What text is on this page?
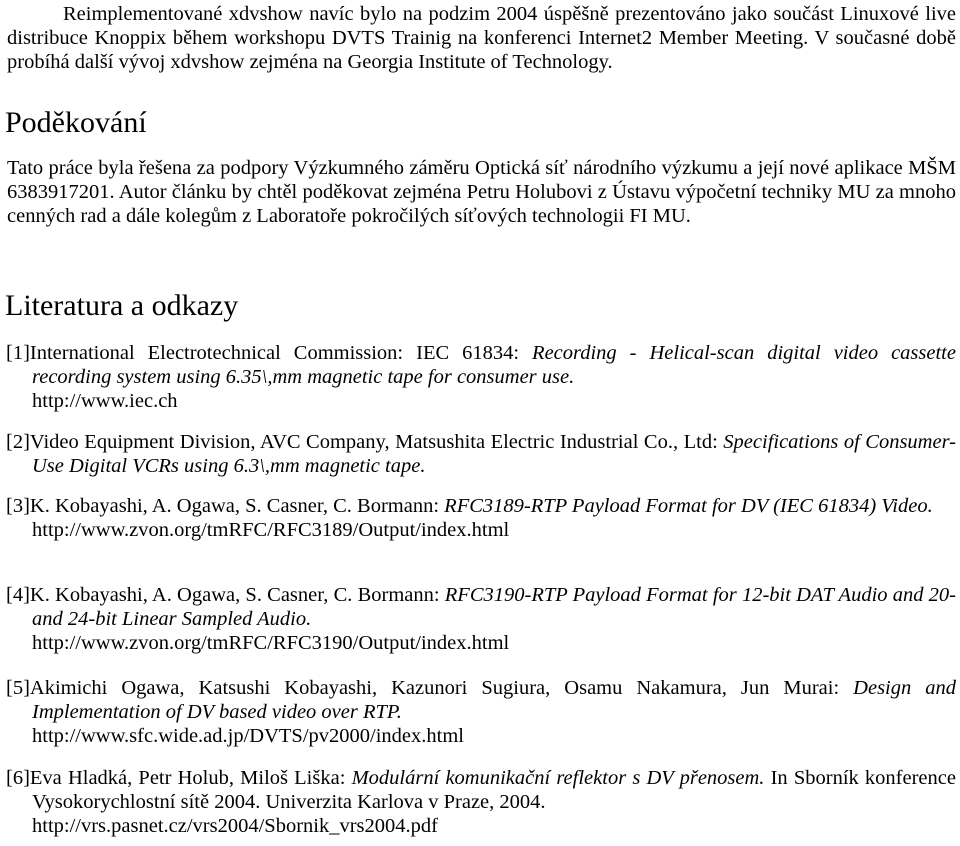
Reimplementované xdvshow navíc bylo na podzim 2004 úspěšně prezentováno jako součást Linuxové live distribuce Knoppix během workshopu DVTS Trainig na konferenci Internet2 Member Meeting. V současné době probíhá další vývoj xdvshow zejména na Georgia Institute of Technology.

Poděkování

Tato práce byla řešena za podpory Výzkumného záměru Optická síť národního výzkumu a její nové aplikace MŠM 6383917201. Autor článku by chtěl poděkovat zejména Petru Holubovi z Ústavu výpočetní techniky MU za mnoho cenných rad a dále kolegům z Laboratoře pokročilých síťových technologii FI MU.

Literatura a odkazy

[1]International Electrotechnical Commission: IEC 61834: Recording - Helical-scan digital video cassette recording system using 6.35\,mm magnetic tape for consumer use.
http://www.iec.ch

[2]Video Equipment Division, AVC Company, Matsushita Electric Industrial Co., Ltd: Specifications of Consumer-Use Digital VCRs using 6.3\,mm magnetic tape.

[3]K. Kobayashi, A. Ogawa, S. Casner, C. Bormann: RFC3189-RTP Payload Format for DV (IEC 61834) Video.
http://www.zvon.org/tmRFC/RFC3189/Output/index.html

[4]K. Kobayashi, A. Ogawa, S. Casner, C. Bormann: RFC3190-RTP Payload Format for 12-bit DAT Audio and 20- and 24-bit Linear Sampled Audio.
http://www.zvon.org/tmRFC/RFC3190/Output/index.html

[5]Akimichi Ogawa, Katsushi Kobayashi, Kazunori Sugiura, Osamu Nakamura, Jun Murai: Design and Implementation of DV based video over RTP.
http://www.sfc.wide.ad.jp/DVTS/pv2000/index.html

[6]Eva Hladká, Petr Holub, Miloš Liška: Modulární komunikační reflektor s DV přenosem. In Sborník konference Vysokorychlostní sítě 2004. Univerzita Karlova v Praze, 2004.
http://vrs.pasnet.cz/vrs2004/Sbornik_vrs2004.pdf
